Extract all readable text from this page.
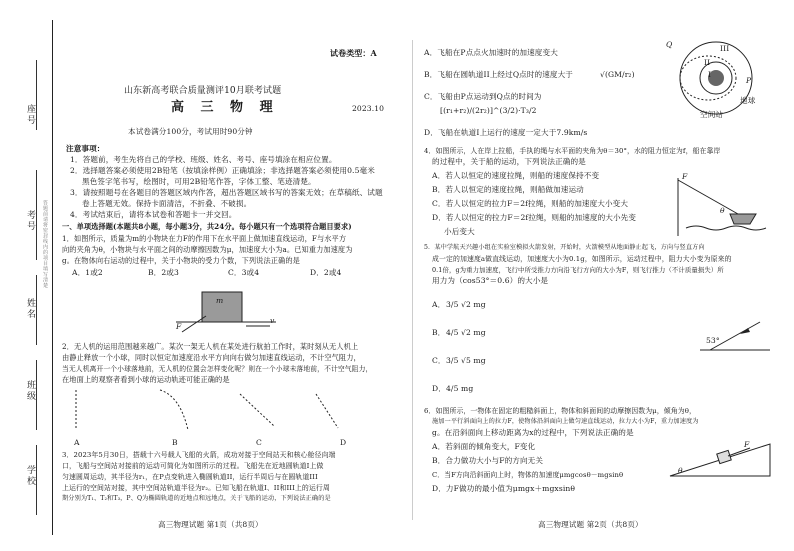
座号
考号
姓名
班级
学校
答题前请将密封线内的项目填写清楚
试卷类型：A
山东新高考联合质量测评10月联考试题
高 三 物 理	2023.10
本试卷满分100分，考试用时90分钟
注意事项：
1．答题前，考生先将自己的学校、班级、姓名、考号、座号填涂在相应位置。
2．选择题答案必须使用2B铅笔（按填涂样例）正确填涂；非选择题答案必须使用0.5毫米
黑色签字笔书写，绘图时，可用2B铅笔作答，字体工整、笔迹清楚。
3．请按照题号在各题目的答题区域内作答，超出答题区域书写的答案无效；在草稿纸、试题
卷上答题无效。保持卡面清洁，不折叠、不破损。
4．考试结束后，请将本试卷和答题卡一并交回。
一、单项选择题(本题共8小题，每小题3分，共24分。每小题只有一个选项符合题目要求)
1．如图所示，质量为m的小物块在力F的作用下在水平面上做加速直线运动，F与水平方
向的夹角为θ，小物块与水平面之间的动摩擦因数为μ，加速度大小为a。已知重力加速度为
g。在物体向右运动的过程中，关于小物块的受力个数，下列说法正确的是
A．1或2	B．2或3	C．3或4	D．2或4
m
F
v
2．无人机的运用范围越来越广。某次一架无人机在某处进行航拍工作时，某时刻从无人机上
由静止释放一个小球，同时以恒定加速度沿水平方向向右做匀加速直线运动，不计空气阻力，
当无人机离开一个小球落地前，无人机的位置会怎样变化呢？则在一个小球未落地前，不计空气阻力，
在地面上的观察者看到小球的运动轨迹可能正确的是
A	B	C	D
3．2023年5月30日，搭载十六号载人飞船的火箭，成功对接于空间站天和核心舱径向端
口，飞船与空间站对接前的运动可简化为如图所示的过程。飞船先在近地圆轨道I上做
匀速圆周运动，其半径为r₁，在P点变轨进入椭圆轨道II，运行半周后与在圆轨道III
上运行的空间站对接，其中空间站轨道半径为r₂。已知飞船在轨道I、II和III上的运行周
期分别为T₁、T₂和T₃，P、Q为椭圆轨道的近地点和远地点，关于飞船的运动，下列说法正确的是
高三物理试题 第1页（共8页）
A．飞船在P点点火加速时的加速度变大
B．飞船在圆轨道II上经过Q点时的速度大于	√(GM/r₂)
C．飞船由P点运动到Q点的时间为
[(r₁+r₂)/(2r₂)]^(3/2)·T₃/2
D．飞船在轨道I上运行的速度一定大于7.9km/s
Q	III
II
I
P
地球
空间站
4．如图所示，人在岸上拉船，手执的绳与水平面的夹角为θ＝30°，水的阻力恒定为f，船在靠岸
的过程中，关于船的运动，下列说法正确的是
A．若人以恒定的速度拉绳，则船的速度保持不变
B．若人以恒定的速度拉绳，则船做加速运动
C．若人以恒定的拉力F＝2f拉绳，则船的加速度大小变大
D．若人以恒定的拉力F＝2f拉绳，则船的加速度的大小先变
小后变大
F
θ
5．某中学航天兴趣小组在实验室模拟火箭发射，开始时，火箭模型从地面静止起飞，方向与竖直方向
成一定的加速度a做直线运动，加速度大小为0.1g，如图所示，运动过程中，阻力大小变为原来的
0.1倍，g为重力加速度，飞行中所受推力方向沿飞行方向的大小为F，则飞行推力（不计质量损失）所
用力为（cos53°＝0.6）的大小是
A． 3/5 √2 mg
B． 4/5 √2 mg
C． 3/5 √5 mg
D． 4/5 mg
53°
6．如图所示，一物体在固定的粗糙斜面上，物体和斜面间的动摩擦因数为μ，倾角为θ，
施加一平行斜面向上的拉力F，使物体沿斜面向上做匀速直线运动，拉力大小为F，重力加速度为
g。在沿斜面向上移动距离为x的过程中，下列说法正确的是
A．若斜面的倾角变大，F变化
B．合力做功大小与F的方向无关
C．当F方向沿斜面向上时，物体的加速度μmgcosθ－mgsinθ
D．力F做功的最小值为μmgx＋mgxsinθ
F
θ
高三物理试题 第2页（共8页）
